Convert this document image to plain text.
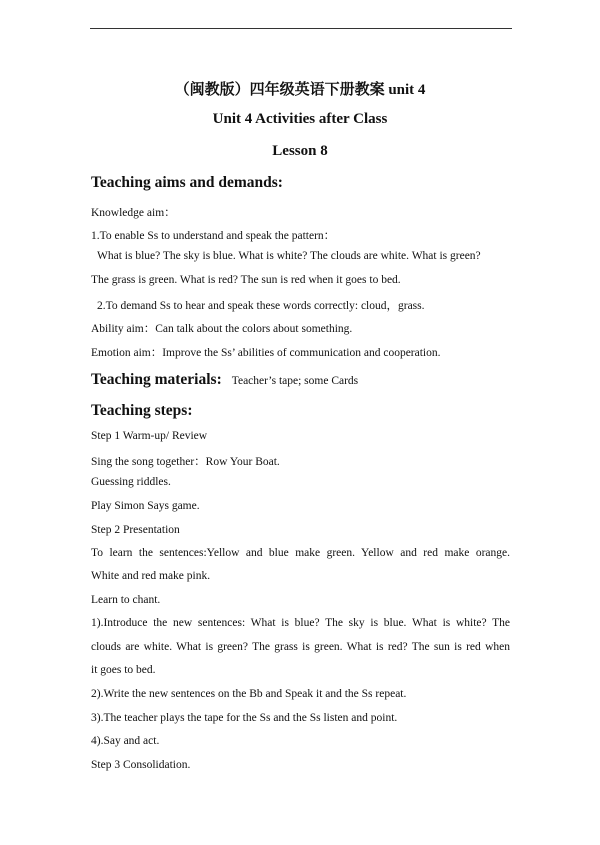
（闽教版）四年级英语下册教案 unit 4
Unit 4 Activities after Class
Lesson 8
Teaching aims and demands:
Knowledge aim：
1.To enable Ss to understand and speak the pattern：
What is blue? The sky is blue. What is white? The clouds are white. What is green?
The grass is green. What is red? The sun is red when it goes to bed.
2.To demand Ss to hear and speak these words correctly: cloud，grass.
Ability aim：Can talk about the colors about something.
Emotion aim：Improve the Ss’ abilities of communication and cooperation.
Teaching materials: Teacher’s tape; some Cards
Teaching steps:
Step 1 Warm-up/ Review
Sing the song together：Row Your Boat.
Guessing riddles.
Play Simon Says game.
Step 2 Presentation
To learn the sentences:Yellow and blue make green. Yellow and red make orange.
White and red make pink.
Learn to chant.
1).Introduce the new sentences: What is blue? The sky is blue. What is white? The
clouds are white. What is green? The grass is green. What is red? The sun is red when
it goes to bed.
2).Write the new sentences on the Bb and Speak it and the Ss repeat.
3).The teacher plays the tape for the Ss and the Ss listen and point.
4).Say and act.
Step 3 Consolidation.
